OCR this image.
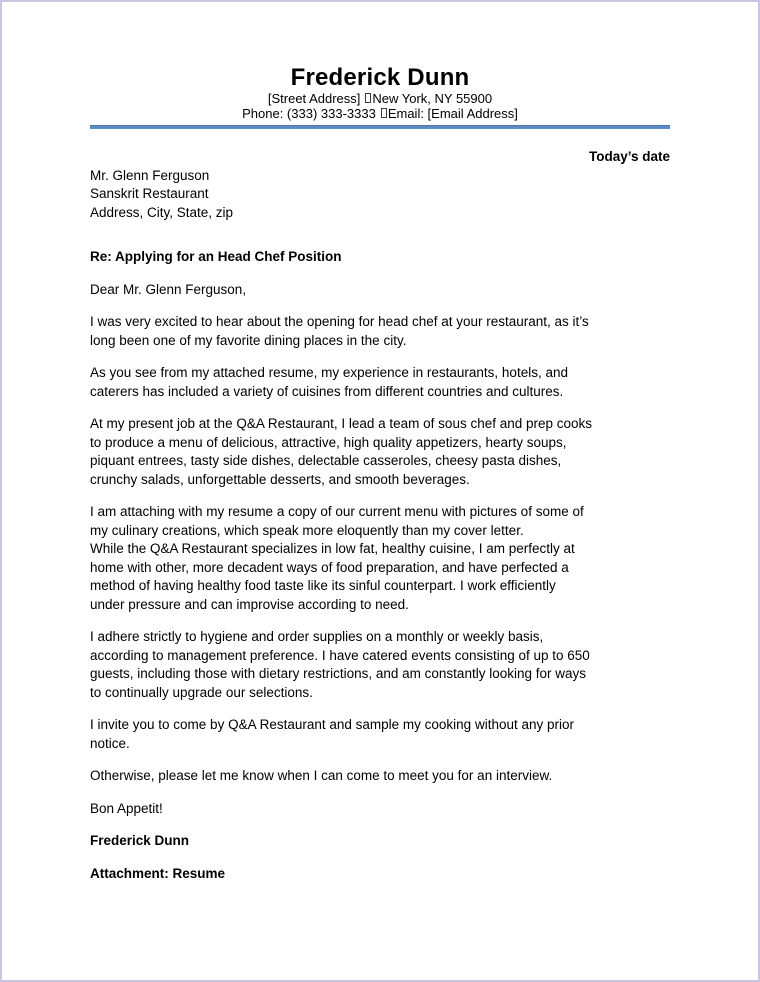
Frederick Dunn
[Street Address] New York, NY 55900
Phone: (333) 333-3333 Email: [Email Address]
Today’s date
Mr. Glenn Ferguson
Sanskrit Restaurant
Address, City, State, zip
Re: Applying for an Head Chef Position

Dear Mr. Glenn Ferguson,

I was very excited to hear about the opening for head chef at your restaurant, as it’s
long been one of my favorite dining places in the city.

As you see from my attached resume, my experience in restaurants, hotels, and
caterers has included a variety of cuisines from different countries and cultures.

At my present job at the Q&A Restaurant, I lead a team of sous chef and prep cooks
to produce a menu of delicious, attractive, high quality appetizers, hearty soups,
piquant entrees, tasty side dishes, delectable casseroles, cheesy pasta dishes,
crunchy salads, unforgettable desserts, and smooth beverages.

I am attaching with my resume a copy of our current menu with pictures of some of
my culinary creations, which speak more eloquently than my cover letter.
While the Q&A Restaurant specializes in low fat, healthy cuisine, I am perfectly at
home with other, more decadent ways of food preparation, and have perfected a
method of having healthy food taste like its sinful counterpart. I work efficiently
under pressure and can improvise according to need.

I adhere strictly to hygiene and order supplies on a monthly or weekly basis,
according to management preference. I have catered events consisting of up to 650
guests, including those with dietary restrictions, and am constantly looking for ways
to continually upgrade our selections.

I invite you to come by Q&A Restaurant and sample my cooking without any prior
notice.

Otherwise, please let me know when I can come to meet you for an interview.

Bon Appetit!

Frederick Dunn

Attachment: Resume
